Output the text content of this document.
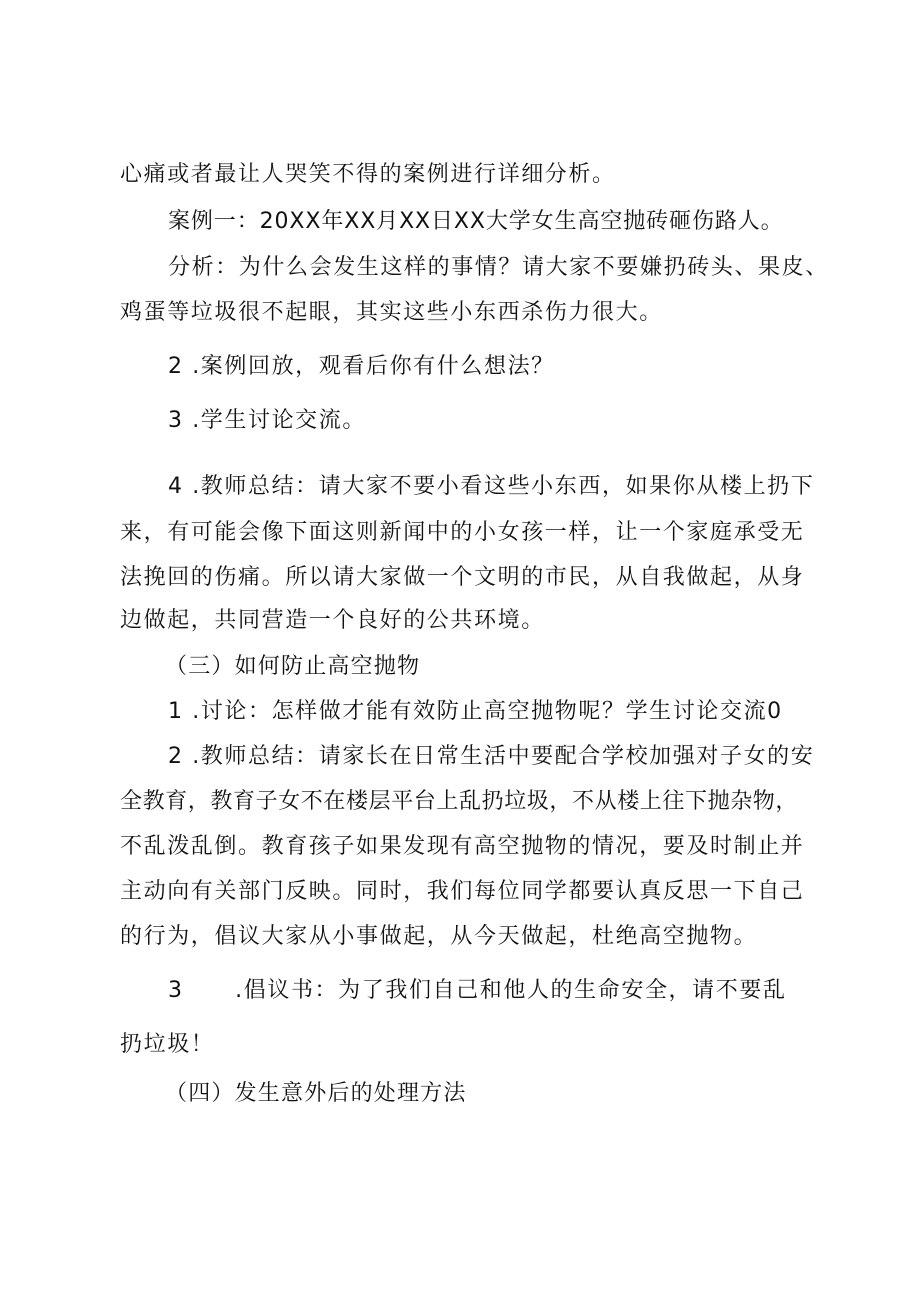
心痛或者最让人哭笑不得的案例进行详细分析。
案例一：20XX年XX月XX日XX大学女生高空抛砖砸伤路人。
分析：为什么会发生这样的事情？请大家不要嫌扔砖头、果皮、
鸡蛋等垃圾很不起眼，其实这些小东西杀伤力很大。
2 .案例回放，观看后你有什么想法？
3 .学生讨论交流。
4 .教师总结：请大家不要小看这些小东西，如果你从楼上扔下
来，有可能会像下面这则新闻中的小女孩一样，让一个家庭承受无
法挽回的伤痛。所以请大家做一个文明的市民，从自我做起，从身
边做起，共同营造一个良好的公共环境。
（三）如何防止高空抛物
1 .讨论：怎样做才能有效防止高空抛物呢？学生讨论交流0
2 .教师总结：请家长在日常生活中要配合学校加强对子女的安
全教育，教育子女不在楼层平台上乱扔垃圾，不从楼上往下抛杂物，
不乱泼乱倒。教育孩子如果发现有高空抛物的情况，要及时制止并
主动向有关部门反映。同时，我们每位同学都要认真反思一下自己
的行为，倡议大家从小事做起，从今天做起，杜绝高空抛物。
3      .倡议书：为了我们自己和他人的生命安全，请不要乱
扔垃圾！
（四）发生意外后的处理方法
